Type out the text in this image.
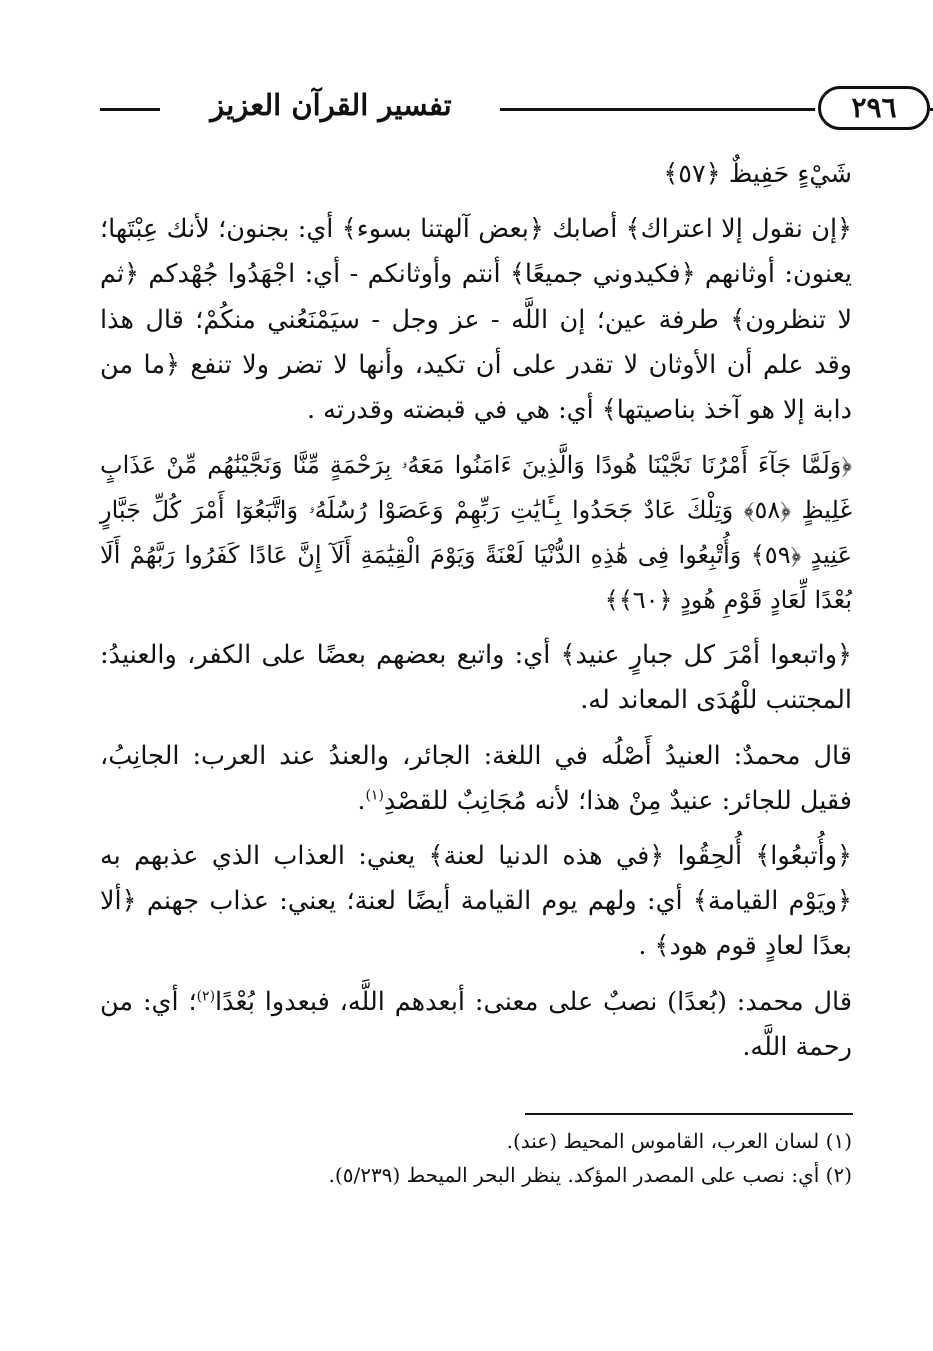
تفسير القرآن العزيز	٢٩٦

شَيْءٍ حَفِيظٌ ﴿٥٧﴾

﴿إن نقول إلا اعتراك﴾ أصابك ﴿بعض آلهتنا بسوء﴾ أي: بجنون؛ لأنك عِبْتَها؛ يعنون: أوثانهم ﴿فكيدوني جميعًا﴾ أنتم وأوثانكم - أي: اجْهَدُوا جُهْدكم ﴿ثم لا تنظرون﴾ طرفة عين؛ إن اللَّه - عز وجل - سيَمْنَعُني منكُمْ؛ قال هذا وقد علم أن الأوثان لا تقدر على أن تكيد، وأنها لا تضر ولا تنفع ﴿ما من دابة إلا هو آخذ بناصيتها﴾ أي: هي في قبضته وقدرته .

﴿وَلَمَّا جَآءَ أَمْرُنَا نَجَّيْنَا هُودًا وَالَّذِينَ ءَامَنُوا مَعَهُۥ بِرَحْمَةٍ مِّنَّا وَنَجَّيْنَٰهُم مِّنْ عَذَابٍ غَلِيظٍ ﴿٥٨﴾ وَتِلْكَ عَادٌ جَحَدُوا بِـَٔايَٰتِ رَبِّهِمْ وَعَصَوْا رُسُلَهُۥ وَاتَّبَعُوٓا أَمْرَ كُلِّ جَبَّارٍ عَنِيدٍ ﴿٥٩﴾ وَأُتْبِعُوا فِى هَٰذِهِ الدُّنْيَا لَعْنَةً وَيَوْمَ الْقِيَٰمَةِ أَلَآ إِنَّ عَادًا كَفَرُوا رَبَّهُمْ أَلَا بُعْدًا لِّعَادٍ قَوْمِ هُودٍ ﴿٦٠﴾﴾

﴿واتبعوا أمْرَ كل جبارٍ عنيد﴾ أي: واتبع بعضهم بعضًا على الكفر، والعنيدُ: المجتنب للْهُدَى المعاند له.

قال محمدٌ: العنيدُ أَصْلُه في اللغة: الجائر، والعندُ عند العرب: الجانِبُ، فقيل للجائر: عنيدٌ مِنْ هذا؛ لأنه مُجَانِبٌ للقصْدِ$^{(١)}$.

﴿وأُتبعُوا﴾ أُلحِقُوا ﴿في هذه الدنيا لعنة﴾ يعني: العذاب الذي عذبهم به ﴿ويَوْم القيامة﴾ أي: ولهم يوم القيامة أيضًا لعنة؛ يعني: عذاب جهنم ﴿ألا بعدًا لعادٍ قوم هود﴾ .

قال محمد: (بُعدًا) نصبٌ على معنى: أبعدهم اللَّه، فبعدوا بُعْدًا$^{(٢)}$؛ أي: من رحمة اللَّه.

(١) لسان العرب، القاموس المحيط (عند).

(٢) أي: نصب على المصدر المؤكد. ينظر البحر الميحط (٥/٢٣٩).
